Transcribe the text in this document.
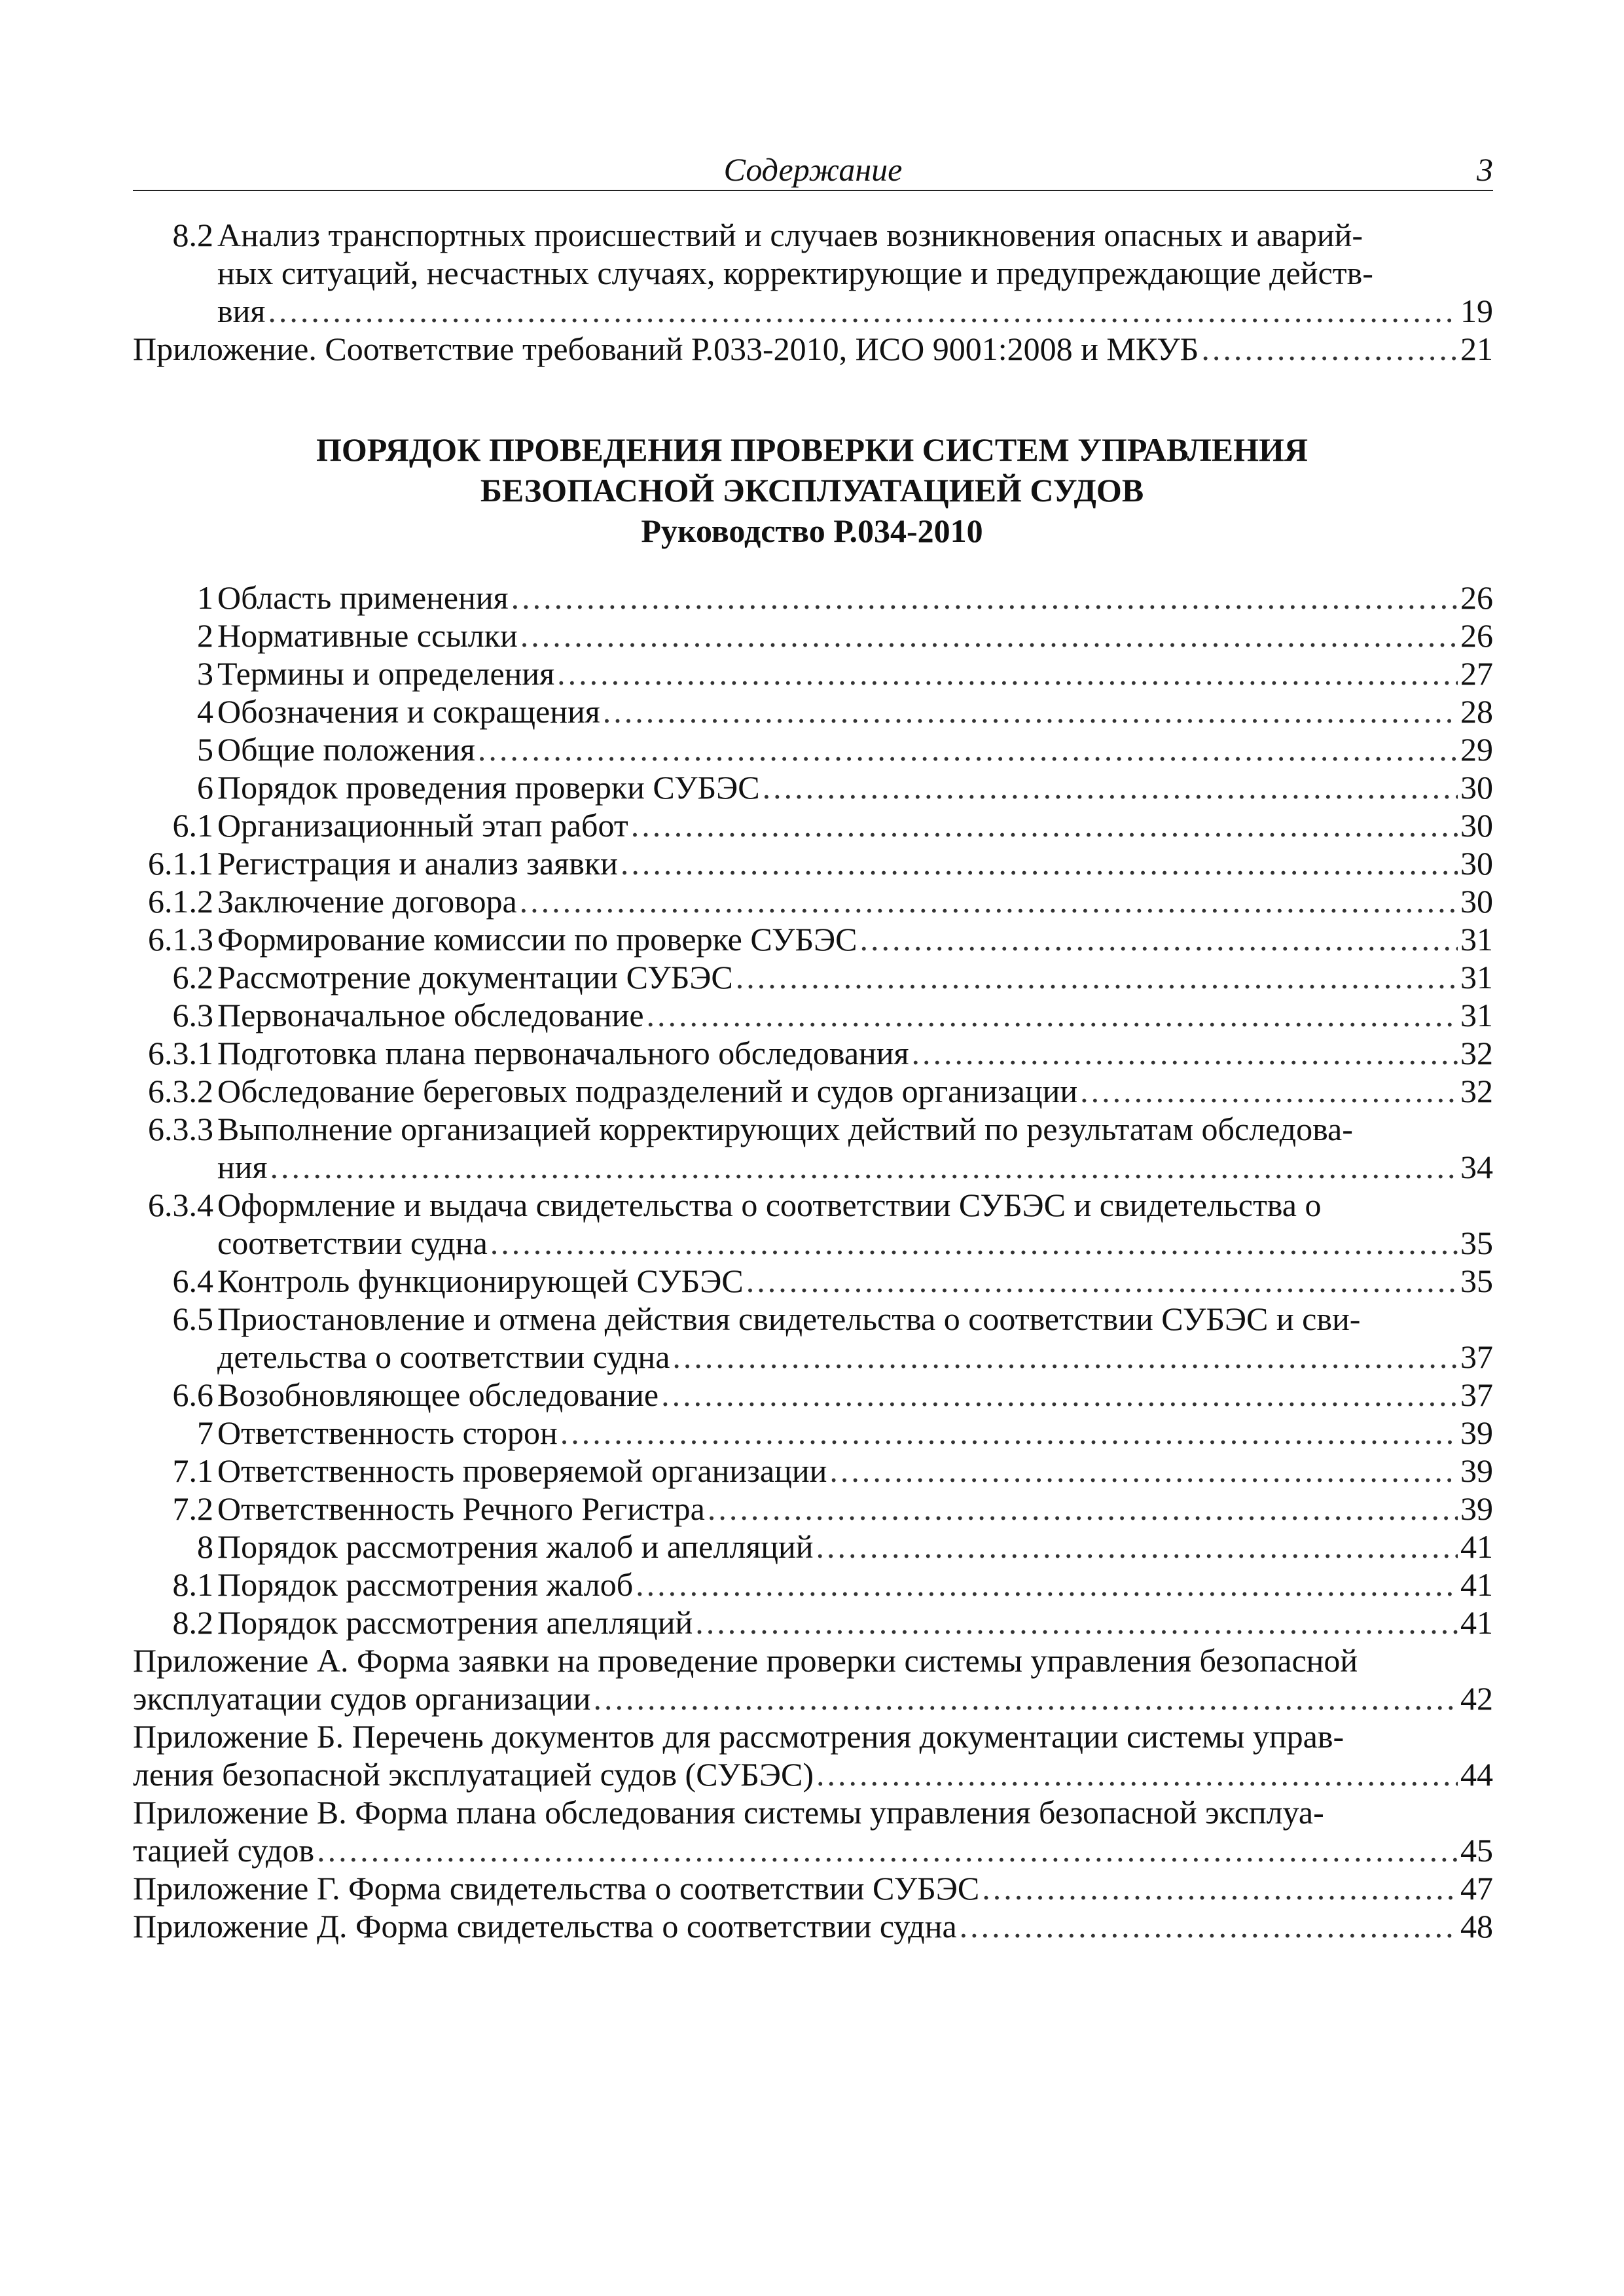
Содержание	3
8.2 Анализ транспортных происшествий и случаев возникновения опасных и аварий-
ных ситуаций, несчастных случаях, корректирующие и предупреждающие действ-
вия .....	19
Приложение. Соответствие требований Р.033-2010, ИСО 9001:2008 и МКУБ .....	21
ПОРЯДОК ПРОВЕДЕНИЯ ПРОВЕРКИ СИСТЕМ УПРАВЛЕНИЯ
БЕЗОПАСНОЙ ЭКСПЛУАТАЦИЕЙ СУДОВ
Руководство Р.034-2010
1 Область применения .....	26
2 Нормативные ссылки .....	26
3 Термины и определения .....	27
4 Обозначения и сокращения .....	28
5 Общие положения .....	29
6 Порядок проведения проверки СУБЭС .....	30
6.1 Организационный этап работ .....	30
6.1.1 Регистрация и анализ заявки .....	30
6.1.2 Заключение договора .....	30
6.1.3 Формирование комиссии по проверке СУБЭС .....	31
6.2 Рассмотрение документации СУБЭС .....	31
6.3 Первоначальное обследование .....	31
6.3.1 Подготовка плана первоначального обследования .....	32
6.3.2 Обследование береговых подразделений и судов организации .....	32
6.3.3 Выполнение организацией корректирующих действий по результатам обследова-
ния .....	34
6.3.4 Оформление и выдача свидетельства о соответствии СУБЭС и свидетельства о
соответствии судна .....	35
6.4 Контроль функционирующей СУБЭС .....	35
6.5 Приостановление и отмена действия свидетельства о соответствии СУБЭС и сви-
детельства о соответствии судна .....	37
6.6 Возобновляющее обследование .....	37
7 Ответственность сторон .....	39
7.1 Ответственность проверяемой организации .....	39
7.2 Ответственность Речного Регистра .....	39
8 Порядок рассмотрения жалоб и апелляций .....	41
8.1 Порядок рассмотрения жалоб .....	41
8.2 Порядок рассмотрения апелляций .....	41
Приложение А. Форма заявки на проведение проверки системы управления безопасной
эксплуатации судов организации .....	42
Приложение Б. Перечень документов для рассмотрения документации системы управ-
ления безопасной эксплуатацией судов (СУБЭС) .....	44
Приложение В. Форма плана обследования системы управления безопасной эксплуа-
тацией судов .....	45
Приложение Г. Форма свидетельства о соответствии СУБЭС .....	47
Приложение Д. Форма свидетельства о соответствии судна .....	48
